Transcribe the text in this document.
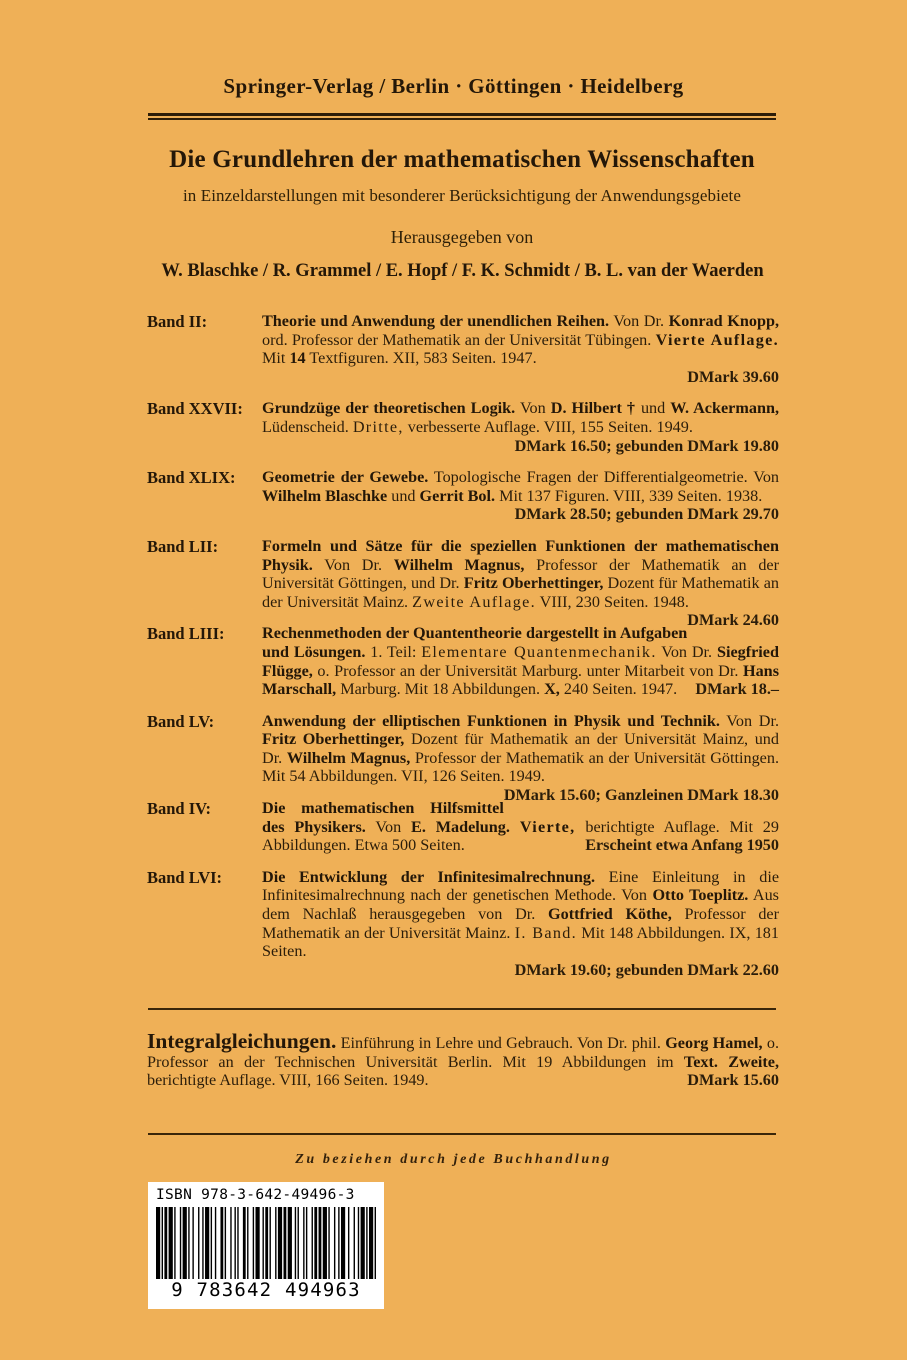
Springer-Verlag / Berlin · Göttingen · Heidelberg
Die Grundlehren der mathematischen Wissenschaften
in Einzeldarstellungen mit besonderer Berücksichtigung der Anwendungsgebiete
Herausgegeben von
W. Blaschke / R. Grammel / E. Hopf / F. K. Schmidt / B. L. van der Waerden
Band II:	Theorie und Anwendung der unendlichen Reihen. Von Dr. Konrad Knopp, ord. Professor der Mathematik an der Universität Tübingen. Vierte Auflage. Mit 14 Textfiguren. XII, 583 Seiten. 1947.
DMark 39.60
Band XXVII: Grundzüge der theoretischen Logik. Von D. Hilbert † und W. Ackermann, Lüdenscheid. Dritte, verbesserte Auflage. VIII, 155 Seiten. 1949.
DMark 16.50; gebunden DMark 19.80
Band XLIX: Geometrie der Gewebe. Topologische Fragen der Differentialgeometrie. Von Wilhelm Blaschke und Gerrit Bol. Mit 137 Figuren. VIII, 339 Seiten. 1938.
DMark 28.50; gebunden DMark 29.70
Band LII:	Formeln und Sätze für die speziellen Funktionen der mathematischen Physik. Von Dr. Wilhelm Magnus, Professor der Mathematik an der Universität Göttingen, und Dr. Fritz Oberhettinger, Dozent für Mathematik an der Universität Mainz. Zweite Auflage. VIII, 230 Seiten. 1948.
DMark 24.60
Band LIII: Rechenmethoden der Quantentheorie dargestellt in Aufgaben und Lösungen. 1. Teil: Elementare Quantenmechanik. Von Dr. Siegfried Flügge, o. Professor an der Universität Marburg. unter Mitarbeit von Dr. Hans Marschall, Marburg. Mit 18 Abbildungen. X, 240 Seiten. 1947. DMark 18.–
Band LV:	Anwendung der elliptischen Funktionen in Physik und Technik. Von Dr. Fritz Oberhettinger, Dozent für Mathematik an der Universität Mainz, und Dr. Wilhelm Magnus, Professor der Mathematik an der Universität Göttingen. Mit 54 Abbildungen. VII, 126 Seiten. 1949.
DMark 15.60; Ganzleinen DMark 18.30
Band IV:	Die mathematischen Hilfsmittel des Physikers. Von E. Madelung. Vierte, berichtigte Auflage. Mit 29 Abbildungen. Etwa 500 Seiten.	Erscheint etwa Anfang 1950
Band LVI: Die Entwicklung der Infinitesimalrechnung. Eine Einleitung in die Infinitesimalrechnung nach der genetischen Methode. Von Otto Toeplitz. Aus dem Nachlaß herausgegeben von Dr. Gottfried Köthe, Professor der Mathematik an der Universität Mainz. I. Band. Mit 148 Abbildungen. IX, 181 Seiten.
DMark 19.60; gebunden DMark 22.60
Integralgleichungen. Einführung in Lehre und Gebrauch. Von Dr. phil. Georg Hamel, o. Professor an der Technischen Universität Berlin. Mit 19 Abbildungen im Text. Zweite, berichtigte Auflage. VIII, 166 Seiten. 1949.	DMark 15.60
Zu beziehen durch jede Buchhandlung
ISBN 978-3-642-49496-3
9 783642 494963
